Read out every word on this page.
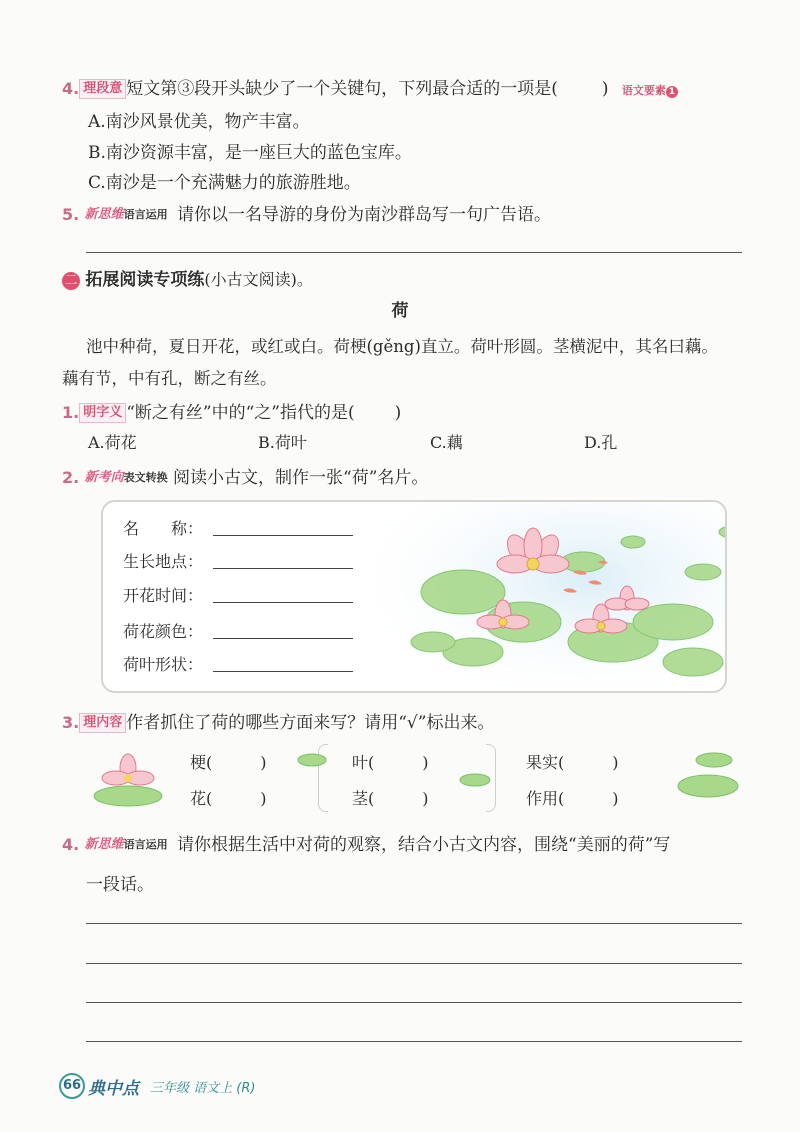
4. 理段意 短文第③段开头缺少了一个关键句，下列最合适的一项是(	) 语文要素 1
A.南沙风景优美，物产丰富。
B.南沙资源丰富，是一座巨大的蓝色宝库。
C.南沙是一个充满魅力的旅游胜地。
5. 新思维语言运用 请你以一名导游的身份为南沙群岛写一句广告语。
二 拓展阅读专项练(小古文阅读)。
荷
池中种荷，夏日开花，或红或白。荷梗(gěng)直立。荷叶形圆。茎横泥中，其名曰藕。
藕有节，中有孔，断之有丝。
1. 明字义 “断之有丝”中的“之”指代的是( )
A.荷花	B.荷叶	C.藕	D.孔
2. 新考向表文转换 阅读小古文，制作一张“荷”名片。
名　　称：
生长地点：
开花时间：
荷花颜色：
荷叶形状：
3. 理内容 作者抓住了荷的哪些方面来写？请用“√”标出来。
梗(　　　)	叶(　　　)	果实(　　　)
花(　　　)	茎(　　　)	作用(　　　)
4. 新思维语言运用 请你根据生活中对荷的观察，结合小古文内容，围绕“美丽的荷”写
一段话。
66 典中点 三年级 语文上 (R)
